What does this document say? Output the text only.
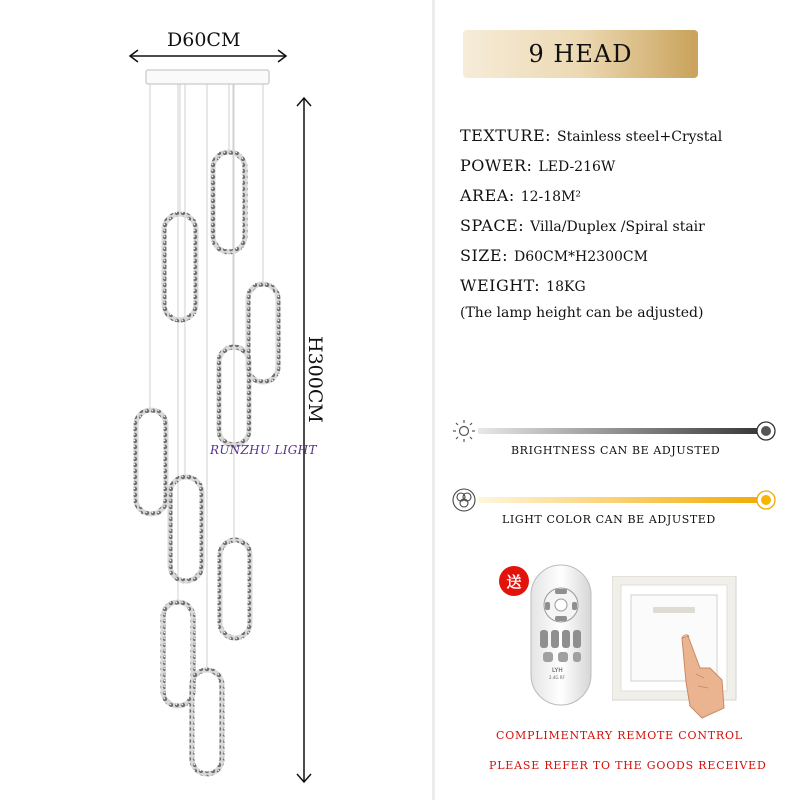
D60CM
H300CM
RUNZHU LIGHT
9 HEAD
TEXTURE: Stainless steel+Crystal
POWER: LED-216W
AREA: 12-18M²
SPACE: Villa/Duplex /Spiral stair
SIZE: D60CM*H2300CM
WEIGHT: 18KG
(The lamp height can be adjusted)
BRIGHTNESS CAN BE ADJUSTED
LIGHT COLOR CAN BE ADJUSTED
LYH
2.4G RF
送
COMPLIMENTARY REMOTE CONTROL
PLEASE REFER TO THE GOODS RECEIVED
